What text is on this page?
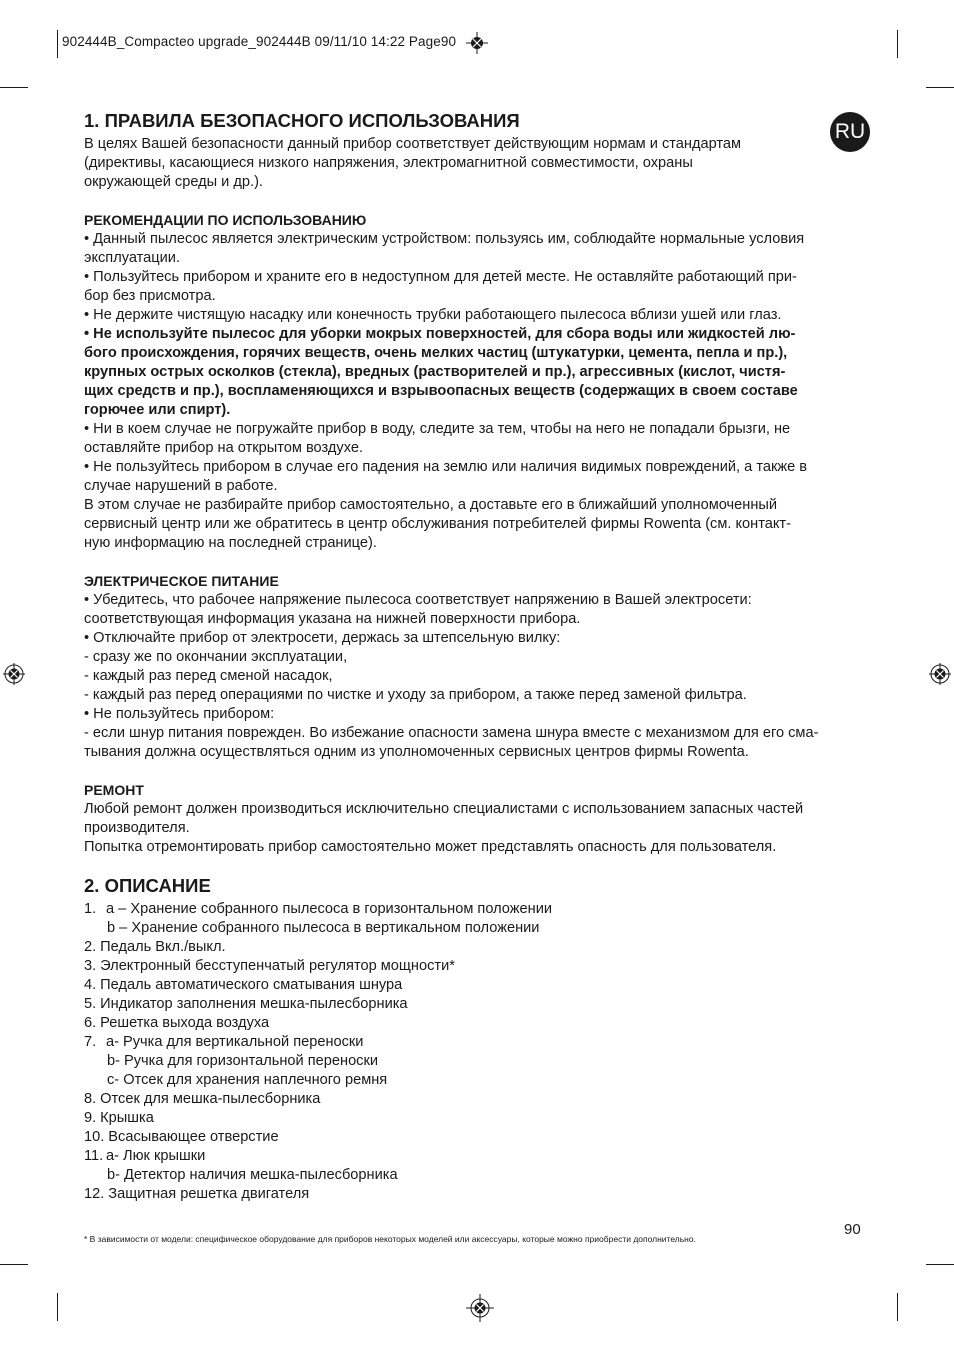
902444B_Compacteo upgrade_902444B 09/11/10 14:22 Page90
RU
1. ПРАВИЛА БЕЗОПАСНОГО ИСПОЛЬЗОВАНИЯ
В целях Вашей безопасности данный прибор соответствует действующим нормам и стандартам
(директивы, касающиеся низкого напряжения, электромагнитной совместимости, охраны
окружающей среды и др.).
РЕКОМЕНДАЦИИ ПО ИСПОЛЬЗОВАНИЮ
• Данный пылесос является электрическим устройством: пользуясь им, соблюдайте нормальные условия
эксплуатации.
• Пользуйтесь прибором и храните его в недоступном для детей месте. Не оставляйте работающий при-
бор без присмотра.
• Не держите чистящую насадку или конечность трубки работающего пылесоса вблизи ушей или глаз.
• Не используйте пылесос для уборки мокрых поверхностей, для сбора воды или жидкостей лю-
бого происхождения, горячих веществ, очень мелких частиц (штукатурки, цемента, пепла и пр.),
крупных острых осколков (стекла), вредных (растворителей и пр.), агрессивных (кислот, чистя-
щих средств и пр.), воспламеняющихся и взрывоопасных веществ (содержащих в своем составе
горючее или спирт).
• Ни в коем случае не погружайте прибор в воду, следите за тем, чтобы на него не попадали брызги, не
оставляйте прибор на открытом воздухе.
• Не пользуйтесь прибором в случае его падения на землю или наличия видимых повреждений, а также в
случае нарушений в работе.
В этом случае не разбирайте прибор самостоятельно, а доставьте его в ближайший уполномоченный
сервисный центр или же обратитесь в центр обслуживания потребителей фирмы Rowenta (см. контакт-
ную информацию на последней странице).
ЭЛЕКТРИЧЕСКОЕ ПИТАНИЕ
• Убедитесь, что рабочее напряжение пылесоса соответствует напряжению в Вашей электросети:
соответствующая информация указана на нижней поверхности прибора.
• Отключайте прибор от электросети, держась за штепсельную вилку:
- сразу же по окончании эксплуатации,
- каждый раз перед сменой насадок,
- каждый раз перед операциями по чистке и уходу за прибором, а также перед заменой фильтра.
• Не пользуйтесь прибором:
- если шнур питания поврежден. Во избежание опасности замена шнура вместе с механизмом для его сма-
тывания должна осуществляться одним из уполномоченных сервисных центров фирмы Rowenta.
РЕМОНТ
Любой ремонт должен производиться исключительно специалистами с использованием запасных частей
производителя.
Попытка отремонтировать прибор самостоятельно может представлять опасность для пользователя.
2. ОПИСАНИЕ
1. a – Хранение собранного пылесоса в горизонтальном положении
b – Хранение собранного пылесоса в вертикальном положении
2. Педаль Вкл./выкл.
3. Электронный бесступенчатый регулятор мощности*
4. Педаль автоматического сматывания шнура
5. Индикатор заполнения мешка-пылесборника
6. Решетка выхода воздуха
7. a- Ручка для вертикальной переноски
b- Ручка для горизонтальной переноски
c- Отсек для хранения наплечного ремня
8. Отсек для мешка-пылесборника
9. Крышка
10. Всасывающее отверстие
11. a- Люк крышки
b- Детектор наличия мешка-пылесборника
12. Защитная решетка двигателя
* В зависимости от модели: специфическое оборудование для приборов некоторых моделей или аксессуары, которые можно приобрести дополнительно.
90
